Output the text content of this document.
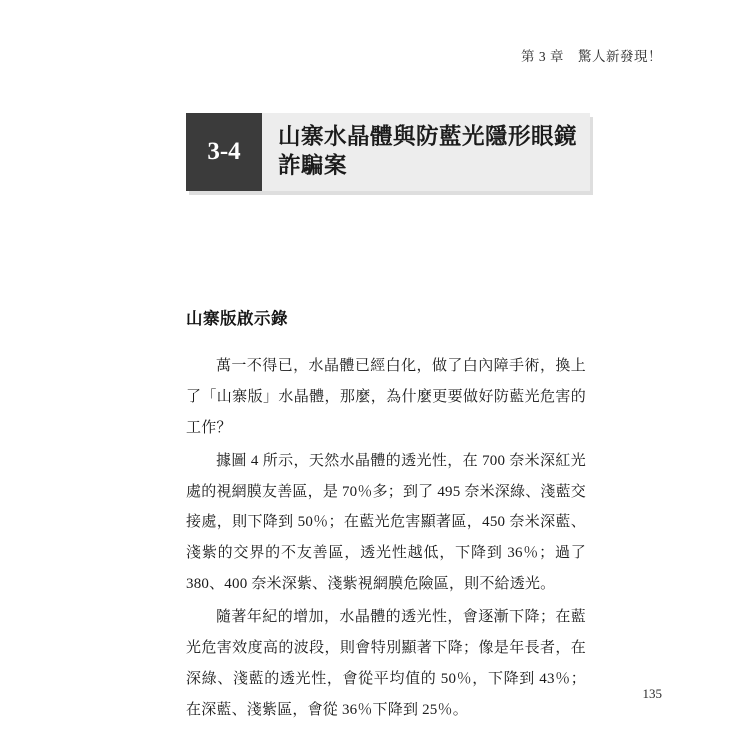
第 3 章 驚人新發現！
3-4
山寨水晶體與防藍光隱形眼鏡詐騙案
山寨版啟示錄

萬一不得已，水晶體已經白化，做了白內障手術，換上了「山寨版」水晶體，那麼，為什麼更要做好防藍光危害的工作？

據圖 4 所示，天然水晶體的透光性，在 700 奈米深紅光處的視網膜友善區，是 70％多；到了 495 奈米深綠、淺藍交接處，則下降到 50％；在藍光危害顯著區，450 奈米深藍、淺紫的交界的不友善區，透光性越低，下降到 36％；過了 380、400 奈米深紫、淺紫視網膜危險區，則不給透光。

隨著年紀的增加，水晶體的透光性，會逐漸下降；在藍光危害效度高的波段，則會特別顯著下降；像是年長者，在深綠、淺藍的透光性，會從平均值的 50％，下降到 43％；在深藍、淺紫區，會從 36％下降到 25％。

135
